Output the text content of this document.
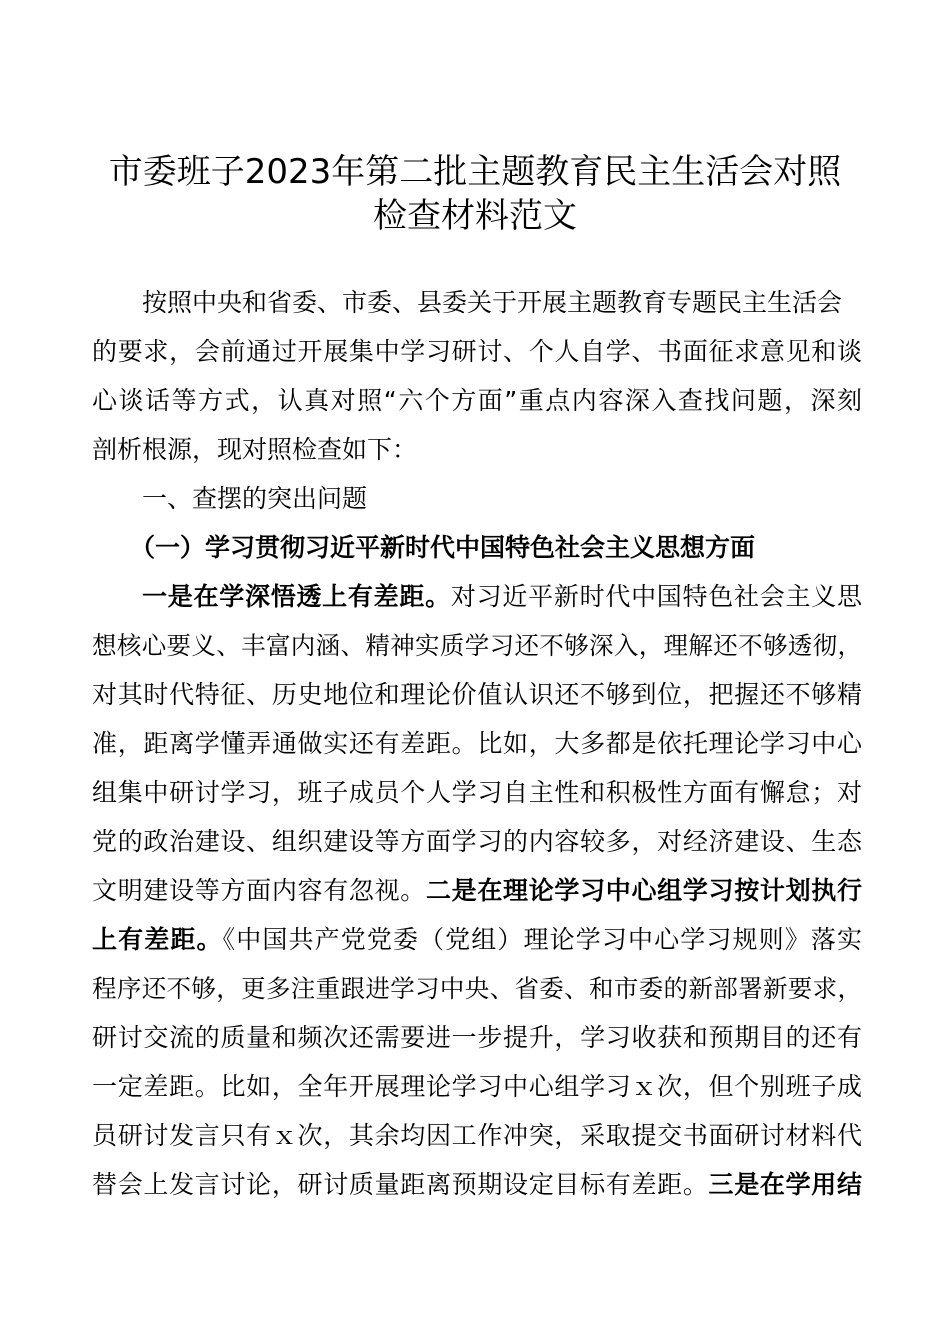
市委班子2023年第二批主题教育民主生活会对照
检查材料范文
按照中央和省委、市委、县委关于开展主题教育专题民主生活会
的要求，会前通过开展集中学习研讨、个人自学、书面征求意见和谈
心谈话等方式，认真对照“六个方面”重点内容深入查找问题，深刻
剖析根源，现对照检查如下：
一、查摆的突出问题
（一）学习贯彻习近平新时代中国特色社会主义思想方面
一是在学深悟透上有差距。对习近平新时代中国特色社会主义思
想核心要义、丰富内涵、精神实质学习还不够深入，理解还不够透彻，
对其时代特征、历史地位和理论价值认识还不够到位，把握还不够精
准，距离学懂弄通做实还有差距。比如，大多都是依托理论学习中心
组集中研讨学习，班子成员个人学习自主性和积极性方面有懈怠；对
党的政治建设、组织建设等方面学习的内容较多，对经济建设、生态
文明建设等方面内容有忽视。二是在理论学习中心组学习按计划执行
上有差距。《中国共产党党委（党组）理论学习中心学习规则》落实
程序还不够，更多注重跟进学习中央、省委、和市委的新部署新要求，
研讨交流的质量和频次还需要进一步提升，学习收获和预期目的还有
一定差距。比如，全年开展理论学习中心组学习ｘ次，但个别班子成
员研讨发言只有ｘ次，其余均因工作冲突，采取提交书面研讨材料代
替会上发言讨论，研讨质量距离预期设定目标有差距。三是在学用结
